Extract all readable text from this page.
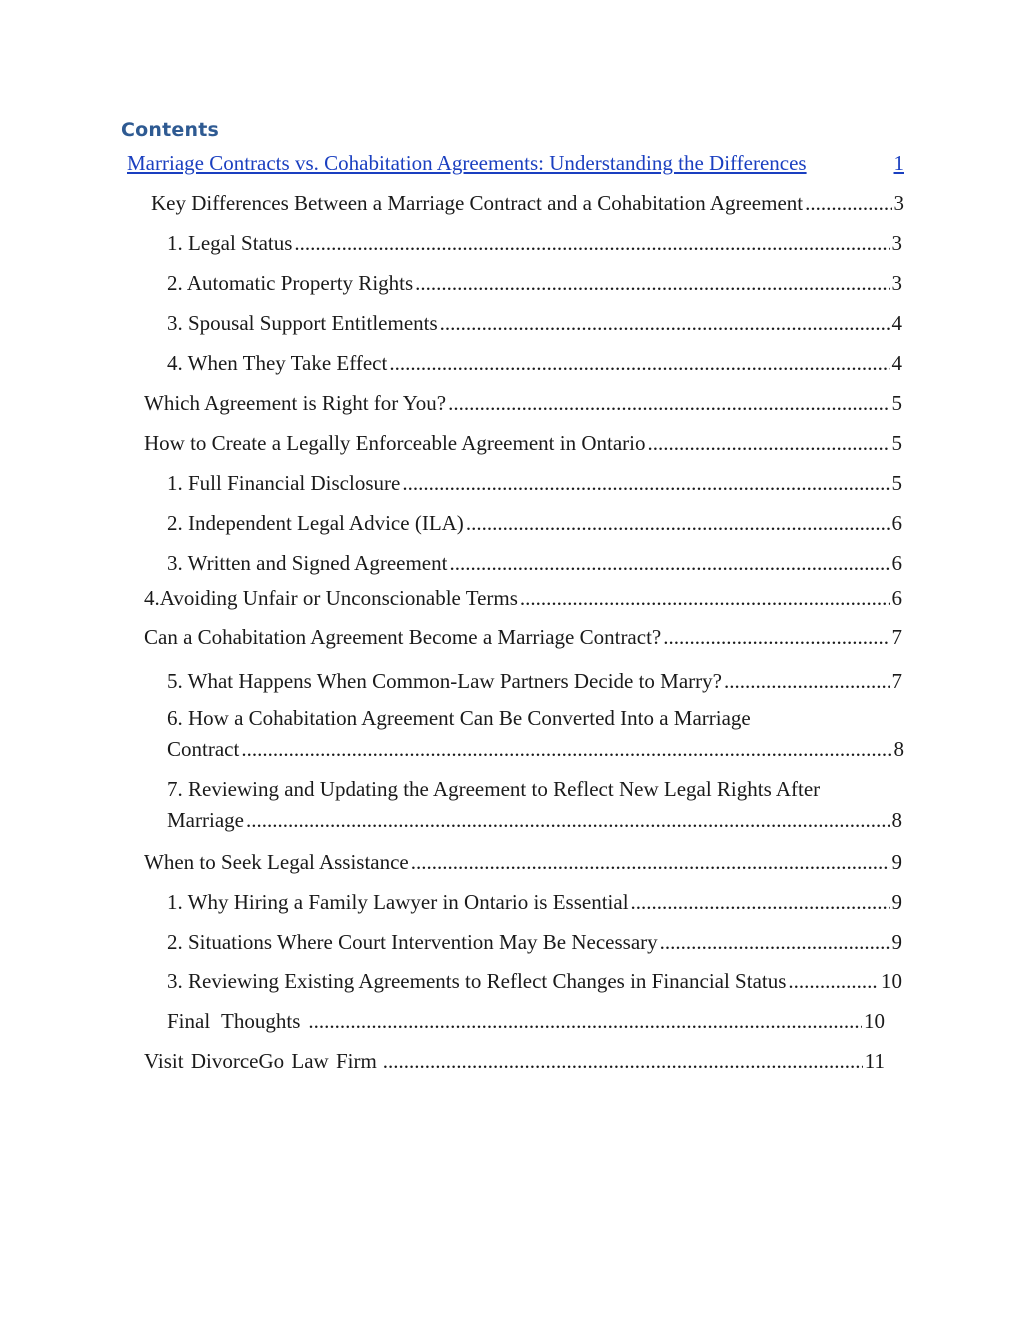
Contents
Marriage Contracts vs. Cohabitation Agreements: Understanding the Differences	1
Key Differences Between a Marriage Contract and a Cohabitation Agreement .....	3
1. Legal Status .....	3
2. Automatic Property Rights .....	3
3. Spousal Support Entitlements .....	4
4. When They Take Effect .....	4
Which Agreement is Right for You? .....	5
How to Create a Legally Enforceable Agreement in Ontario .....	5
1. Full Financial Disclosure .....	5
2. Independent Legal Advice (ILA) .....	6
3. Written and Signed Agreement .....	6
4. Avoiding Unfair or Unconscionable Terms .....	6
Can a Cohabitation Agreement Become a Marriage Contract? .....	7
5. What Happens When Common-Law Partners Decide to Marry? .....	7
6. How a Cohabitation Agreement Can Be Converted Into a Marriage
Contract .....	8
7. Reviewing and Updating the Agreement to Reflect New Legal Rights After
Marriage .....	8
When to Seek Legal Assistance .....	9
1. Why Hiring a Family Lawyer in Ontario is Essential .....	9
2. Situations Where Court Intervention May Be Necessary .....	9
3. Reviewing Existing Agreements to Reflect Changes in Financial Status .....	10
Final Thoughts .....	10
Visit DivorceGo Law Firm .....	11
